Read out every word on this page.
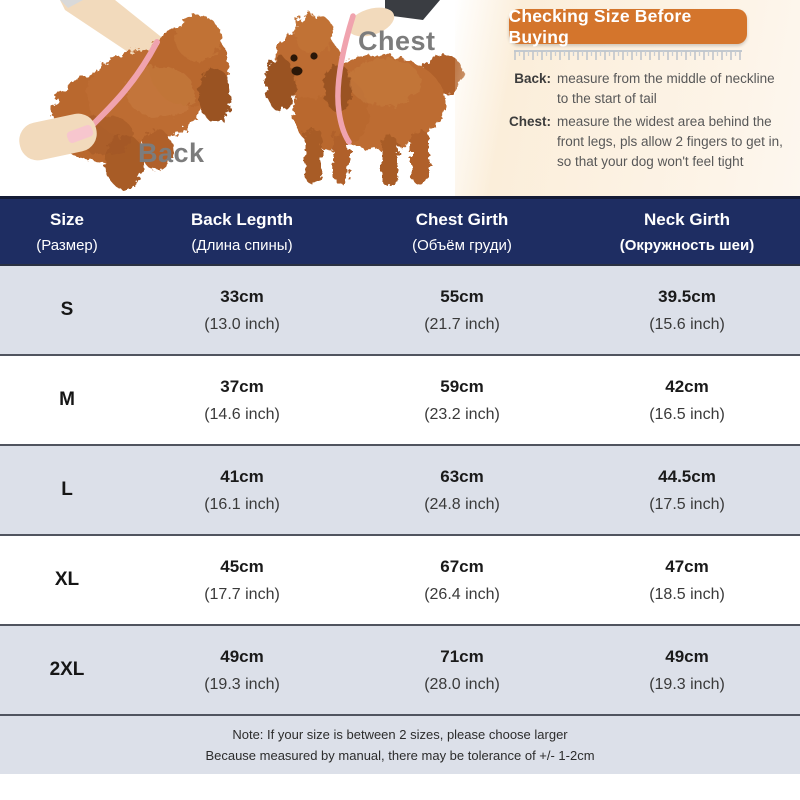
Back
Chest
Checking Size Before Buying
Back: measure from the middle of neckline
to the start of tail
Chest: measure the widest area behind the
front legs, pls allow 2 fingers to get in,
so that your dog won't feel tight
Size
(Размер)
Back Legnth
(Длина спины)
Chest Girth
(Объём груди)
Neck Girth
(Окружность шеи)
S
33cm
(13.0 inch)
55cm
(21.7 inch)
39.5cm
(15.6 inch)
M
37cm
(14.6 inch)
59cm
(23.2 inch)
42cm
(16.5 inch)
L
41cm
(16.1 inch)
63cm
(24.8 inch)
44.5cm
(17.5 inch)
XL
45cm
(17.7 inch)
67cm
(26.4 inch)
47cm
(18.5 inch)
2XL
49cm
(19.3 inch)
71cm
(28.0 inch)
49cm
(19.3 inch)
Note: If your size is between 2 sizes, please choose larger
Because measured by manual, there may be tolerance of +/- 1-2cm
